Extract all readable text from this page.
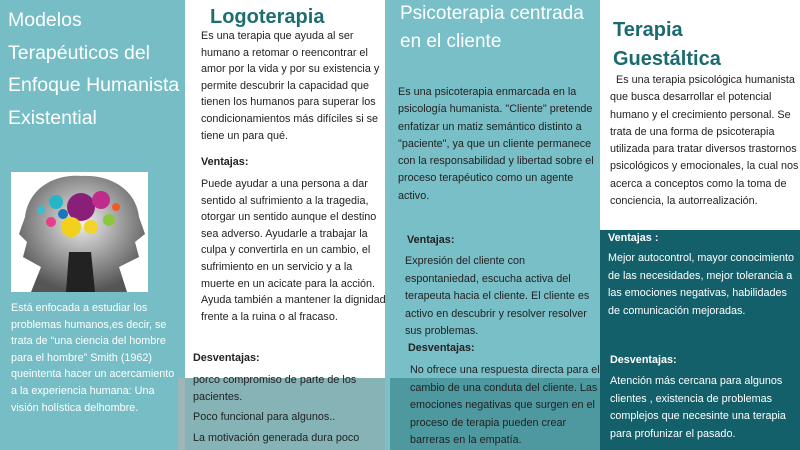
Modelos Terapéuticos del Enfoque Humanista Existential
Está enfocada a estudiar los problemas humanos,es decir, se trata de “una ciencia del hombre para el hombre” Smith (1962) queintenta hacer un acercamiento a la experiencia humana: Una visión holística delhombre.
Logoterapia
Es una terapia que ayuda al ser humano a retomar o reencontrar el amor por la vida y por su existencia y permite descubrir la capacidad que tienen los humanos para superar los condicionamientos más difíciles si se tiene un para qué.
Ventajas:
Puede ayudar a una persona a dar sentido al sufrimiento a la tragedia, otorgar un sentido aunque el destino sea adverso. Ayudarle a trabajar la culpa y convertirla en un cambio, el sufrimiento en un servicio y a la muerte en un acicate para la acción. Ayuda también a mantener la dignidad frente a la ruina o al fracaso.
Desventajas:
porco compromiso de parte de los pacientes.
Poco funcional para algunos..
La motivación generada dura poco
Psicoterapia centrada en el cliente
Es una psicoterapia enmarcada en la psicología humanista. "Cliente" pretende enfatizar un matiz semántico distinto a "paciente", ya que un cliente permanece con la responsabilidad y libertad sobre el proceso terapéutico como un agente activo.
Ventajas:
Expresión del cliente con espontaniedad, escucha activa del terapeuta hacia el cliente. El cliente es activo en descubrir y resolver resolver sus problemas.
Desventajas:
No ofrece una respuesta directa para el cambio de una conduta del cliente. Las emociones negativas que surgen en el proceso de terapia pueden crear barreras en la empatía.
Terapia Guestáltica
Es una terapia psicológica humanista que busca desarrollar el potencial humano y el crecimiento personal. Se trata de una forma de psicoterapia utilizada para tratar diversos trastornos psicológicos y emocionales, la cual nos acerca a conceptos como la toma de conciencia, la autorrealización.
Ventajas :
Mejor autocontrol, mayor conocimiento de las necesidades, mejor tolerancia a las emociones negativas, habilidades de comunicación mejoradas.
Desventajas:
Atención más cercana para algunos clientes , existencia de problemas complejos que necesinte una terapia para profunizar el pasado.
